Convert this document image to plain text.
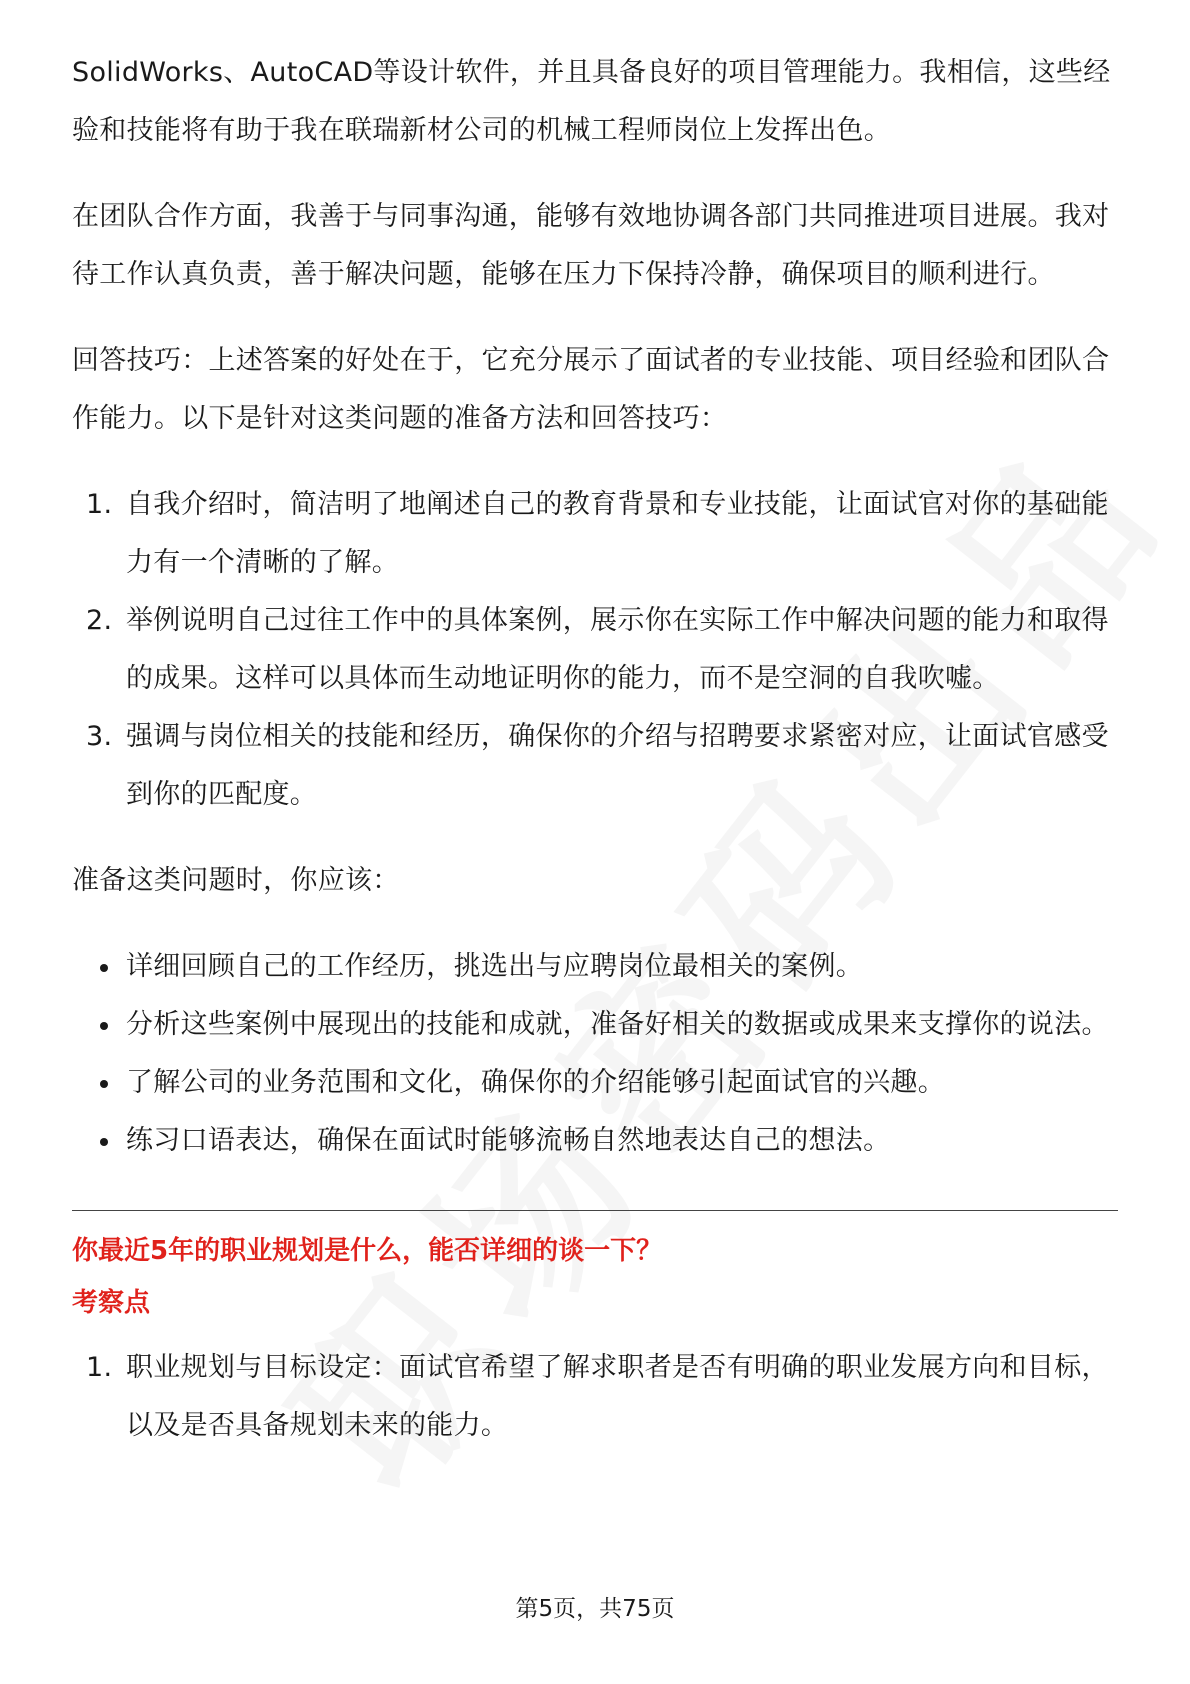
SolidWorks、AutoCAD等设计软件，并且具备良好的项目管理能力。我相信，这些经验和技能将有助于我在联瑞新材公司的机械工程师岗位上发挥出色。

在团队合作方面，我善于与同事沟通，能够有效地协调各部门共同推进项目进展。我对待工作认真负责，善于解决问题，能够在压力下保持冷静，确保项目的顺利进行。

回答技巧：上述答案的好处在于，它充分展示了面试者的专业技能、项目经验和团队合作能力。以下是针对这类问题的准备方法和回答技巧：

1. 自我介绍时，简洁明了地阐述自己的教育背景和专业技能，让面试官对你的基础能力有一个清晰的了解。
2. 举例说明自己过往工作中的具体案例，展示你在实际工作中解决问题的能力和取得的成果。这样可以具体而生动地证明你的能力，而不是空洞的自我吹嘘。
3. 强调与岗位相关的技能和经历，确保你的介绍与招聘要求紧密对应，让面试官感受到你的匹配度。

准备这类问题时，你应该：

详细回顾自己的工作经历，挑选出与应聘岗位最相关的案例。
分析这些案例中展现出的技能和成就，准备好相关的数据或成果来支撑你的说法。
了解公司的业务范围和文化，确保你的介绍能够引起面试官的兴趣。
练习口语表达，确保在面试时能够流畅自然地表达自己的想法。
你最近5年的职业规划是什么，能否详细的谈一下？
考察点
1. 职业规划与目标设定：面试官希望了解求职者是否有明确的职业发展方向和目标，以及是否具备规划未来的能力。
第5页，共75页
